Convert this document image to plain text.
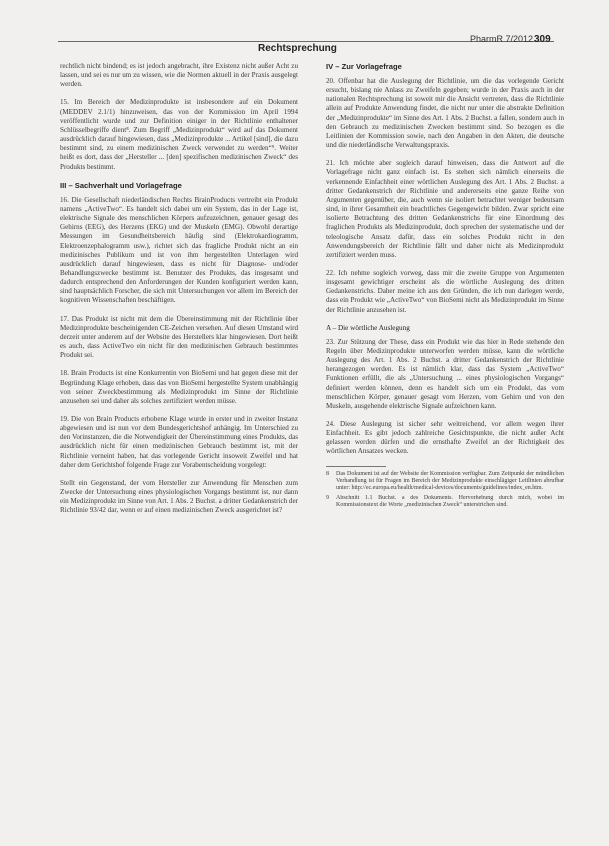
Rechtsprechung
PharmR 7/2012 309

rechtlich nicht bindend; es ist jedoch angebracht, ihre Existenz nicht außer Acht zu lassen, und sei es nur um zu wissen, wie die Normen aktuell in der Praxis ausgelegt werden.

15. Im Bereich der Medizinprodukte ist insbesondere auf ein Dokument (MEDDEV 2.1/1) hinzuweisen, das von der Kommission im April 1994 veröffentlicht wurde und zur Definition einiger in der Richtlinie enthaltener Schlüsselbegriffe dient⁸. Zum Begriff „Medizinprodukt“ wird auf das Dokument ausdrücklich darauf hingewiesen, dass „Medizinprodukte ... Artikel [sind], die dazu bestimmt sind, zu einem medizinischen Zweck verwendet zu werden“⁹. Weiter heißt es dort, dass der „Hersteller ... [den] spezifischen medizinischen Zweck“ des Produkts bestimmt.

III – Sachverhalt und Vorlagefrage

16. Die Gesellschaft niederländischen Rechts BrainProducts vertreibt ein Produkt namens „ActiveTwo“. Es handelt sich dabei um ein System, das in der Lage ist, elektrische Signale des menschlichen Körpers aufzuzeichnen, genauer gesagt des Gehirns (EEG), des Herzens (EKG) und der Muskeln (EMG). Obwohl derartige Messungen im Gesundheitsbereich häufig sind (Elektrokardiogramm, Elektroenzephalogramm usw.), richtet sich das fragliche Produkt nicht an ein medizinisches Publikum und ist von ihm hergestellten Unterlagen wird ausdrücklich darauf hingewiesen, dass es nicht für Diagnose- und/oder Behandlungszwecke bestimmt ist. Benutzer des Produkts, das insgesamt und dadurch entsprechend den Anforderungen der Kunden konfiguriert werden kann, sind hauptsächlich Forscher, die sich mit Untersuchungen vor allem im Bereich der kognitiven Wissenschaften beschäftigen.

17. Das Produkt ist nicht mit dem die Übereinstimmung mit der Richtlinie über Medizinprodukte bescheinigenden CE-Zeichen versehen. Auf diesen Umstand wird derzeit unter anderem auf der Website des Herstellers klar hingewiesen. Dort heißt es auch, dass ActiveTwo ein nicht für den medizinischen Gebrauch bestimmtes Produkt sei.

18. Brain Products ist eine Konkurrentin von BioSemi und hat gegen diese mit der Begründung Klage erhoben, dass das von BioSemi hergestellte System unabhängig von seiner Zweckbestimmung als Medizinprodukt im Sinne der Richtlinie anzusehen sei und daher als solches zertifiziert werden müsse.

19. Die von Brain Products erhobene Klage wurde in erster und in zweiter Instanz abgewiesen und ist nun vor dem Bundesgerichtshof anhängig. Im Unterschied zu den Vorinstanzen, die die Notwendigkeit der Übereinstimmung eines Produkts, das ausdrücklich nicht für einen medizinischen Gebrauch bestimmt ist, mit der Richtlinie verneint haben, hat das vorlegende Gericht insoweit Zweifel und hat daher dem Gerichtshof folgende Frage zur Vorabentscheidung vorgelegt:

Stellt ein Gegenstand, der vom Hersteller zur Anwendung für Menschen zum Zwecke der Untersuchung eines physiologischen Vorgangs bestimmt ist, nur dann ein Medizinprodukt im Sinne von Art. 1 Abs. 2 Buchst. a dritter Gedankenstrich der Richtlinie 93/42 dar, wenn er auf einen medizinischen Zweck ausgerichtet ist?

IV – Zur Vorlagefrage

20. Offenbar hat die Auslegung der Richtlinie, um die das vorlegende Gericht ersucht, bislang nie Anlass zu Zweifeln gegeben; wurde in der Praxis auch in der nationalen Rechtsprechung ist soweit mir die Ansicht vertreten, dass die Richtlinie allein auf Produkte Anwendung findet, die nicht nur unter die abstrakte Definition der „Medizinprodukte“ im Sinne des Art. 1 Abs. 2 Buchst. a fallen, sondern auch in den Gebrauch zu medizinischen Zwecken bestimmt sind. So bezogen es die Leitlinien der Kommission sowie, nach den Angaben in den Akten, die deutsche und die niederländische Verwaltungspraxis.

21. Ich möchte aber sogleich darauf hinweisen, dass die Antwort auf die Vorlagefrage nicht ganz einfach ist. Es stehen sich nämlich einerseits die verkennende Einfachheit einer wörtlichen Auslegung des Art. 1 Abs. 2 Buchst. a dritter Gedankenstrich der Richtlinie und andererseits eine ganze Reihe von Argumenten gegenüber, die, auch wenn sie isoliert betrachtet weniger bedeutsam sind, in ihrer Gesamtheit ein beachtliches Gegengewicht bilden. Zwar spricht eine isolierte Betrachtung des dritten Gedankenstrichs für eine Einordnung des fraglichen Produkts als Medizinprodukt, doch sprechen der systematische und der teleologische Ansatz dafür, dass ein solches Produkt nicht in den Anwendungsbereich der Richtlinie fällt und daher nicht als Medizinprodukt zertifiziert werden muss.

22. Ich nehme sogleich vorweg, dass mir die zweite Gruppe von Argumenten insgesamt gewichtiger erscheint als die wörtliche Auslegung des dritten Gedankenstrichs. Daher meine ich aus den Gründen, die ich nun darlegen werde, dass ein Produkt wie „ActiveTwo“ von BioSemi nicht als Medizinprodukt im Sinne der Richtlinie anzusehen ist.

A – Die wörtliche Auslegung

23. Zur Stützung der These, dass ein Produkt wie das hier in Rede stehende den Regeln über Medizinprodukte unterworfen werden müsse, kann die wörtliche Auslegung des Art. 1 Abs. 2 Buchst. a dritter Gedankenstrich der Richtlinie herangezogen werden. Es ist nämlich klar, dass das System „ActiveTwo“ Funktionen erfüllt, die als „Untersuchung ... eines physiologischen Vorgangs“ definiert werden können, denn es handelt sich um ein Produkt, das vom menschlichen Körper, genauer gesagt vom Herzen, vom Gehirn und von den Muskeln, ausgehende elektrische Signale aufzeichnen kann.

24. Diese Auslegung ist sicher sehr weitreichend, vor allem wegen ihrer Einfachheit. Es gibt jedoch zahlreiche Gesichtspunkte, die nicht außer Acht gelassen werden dürfen und die ernsthafte Zweifel an der Richtigkeit des wörtlichen Ansatzes wecken.

8	Das Dokument ist auf der Website der Kommission verfügbar. Zum Zeitpunkt der mündlichen Verhandlung ist für Fragen im Bereich der Medizinprodukte einschlägiger Leitlinien abrufbar unter: http://ec.europa.eu/health/medical-devices/documents/guidelines/index_en.htm.
9	Abschnitt 1.1 Buchst. a des Dokuments. Hervorhebung durch mich, wobei im Kommissionstext die Worte „medizinischen Zweck“ unterstrichen sind.
